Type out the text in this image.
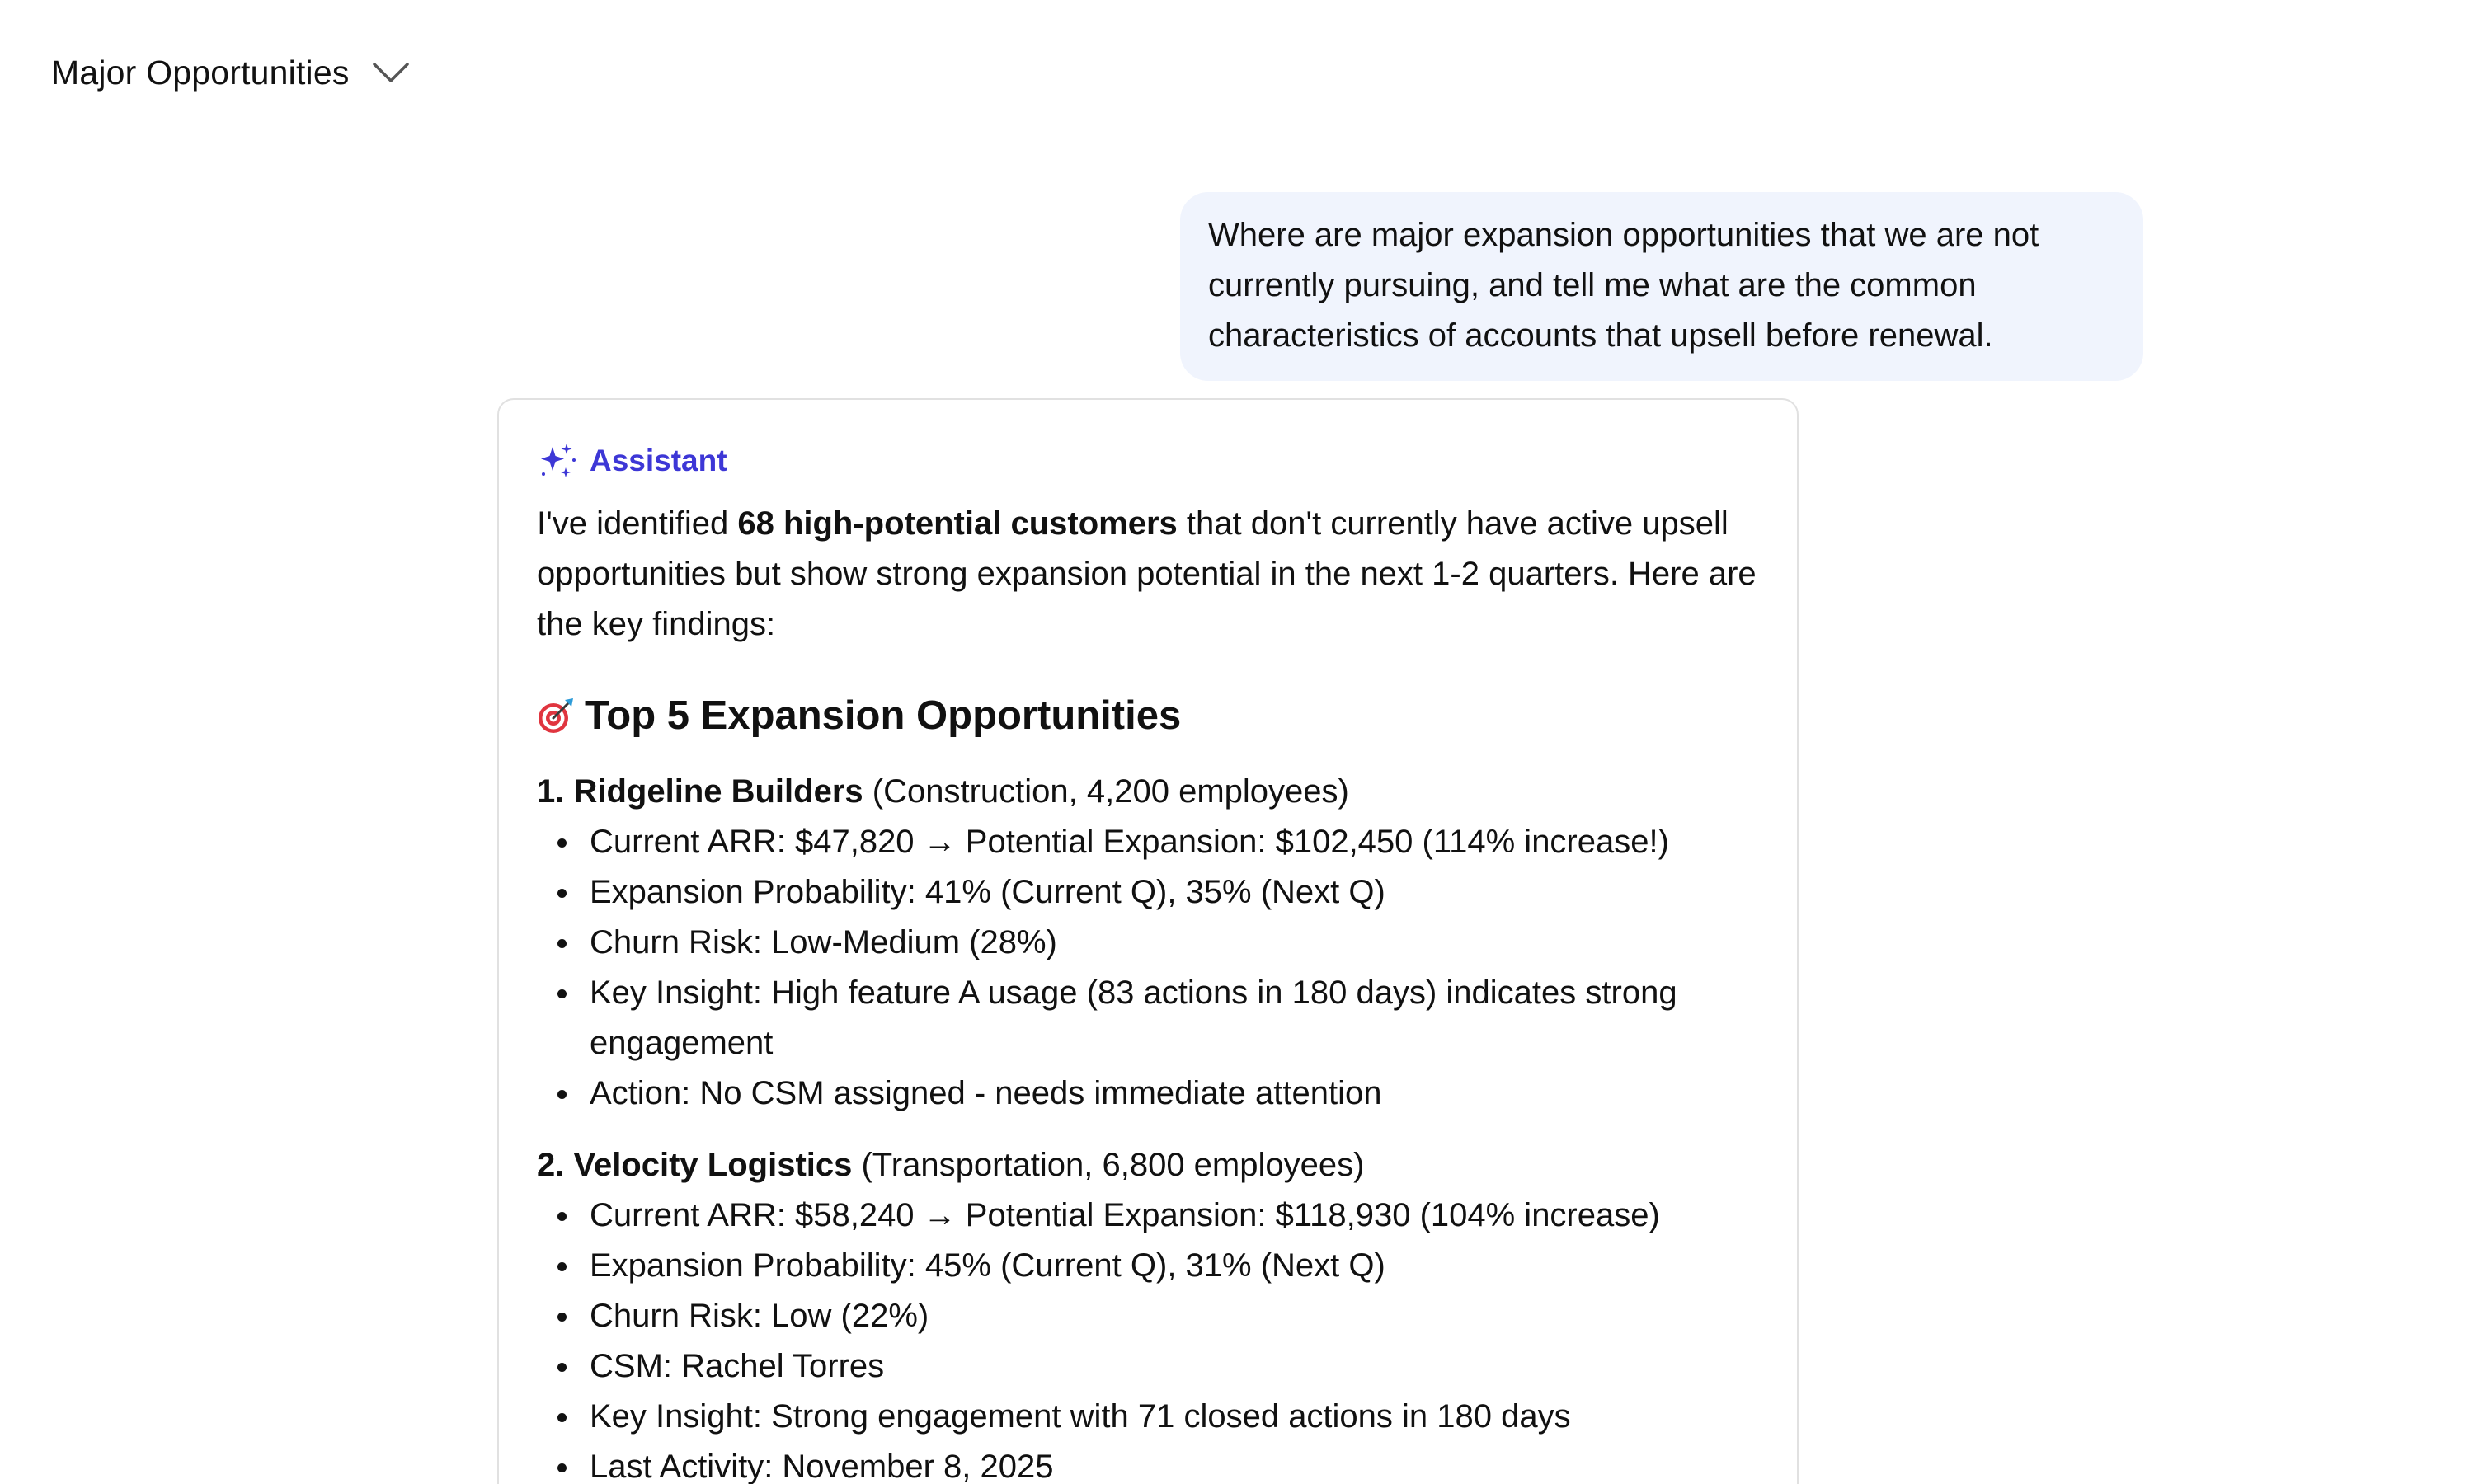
Major Opportunities
Where are major expansion opportunities that we are not currently pursuing, and tell me what are the common characteristics of accounts that upsell before renewal.
Assistant
I've identified 68 high-potential customers that don't currently have active upsell opportunities but show strong expansion potential in the next 1-2 quarters. Here are the key findings:
Top 5 Expansion Opportunities
1. Ridgeline Builders (Construction, 4,200 employees)
Current ARR: $47,820 → Potential Expansion: $102,450 (114% increase!)
Expansion Probability: 41% (Current Q), 35% (Next Q)
Churn Risk: Low-Medium (28%)
Key Insight: High feature A usage (83 actions in 180 days) indicates strong engagement
Action: No CSM assigned - needs immediate attention
2. Velocity Logistics (Transportation, 6,800 employees)
Current ARR: $58,240 → Potential Expansion: $118,930 (104% increase)
Expansion Probability: 45% (Current Q), 31% (Next Q)
Churn Risk: Low (22%)
CSM: Rachel Torres
Key Insight: Strong engagement with 71 closed actions in 180 days
Last Activity: November 8, 2025
